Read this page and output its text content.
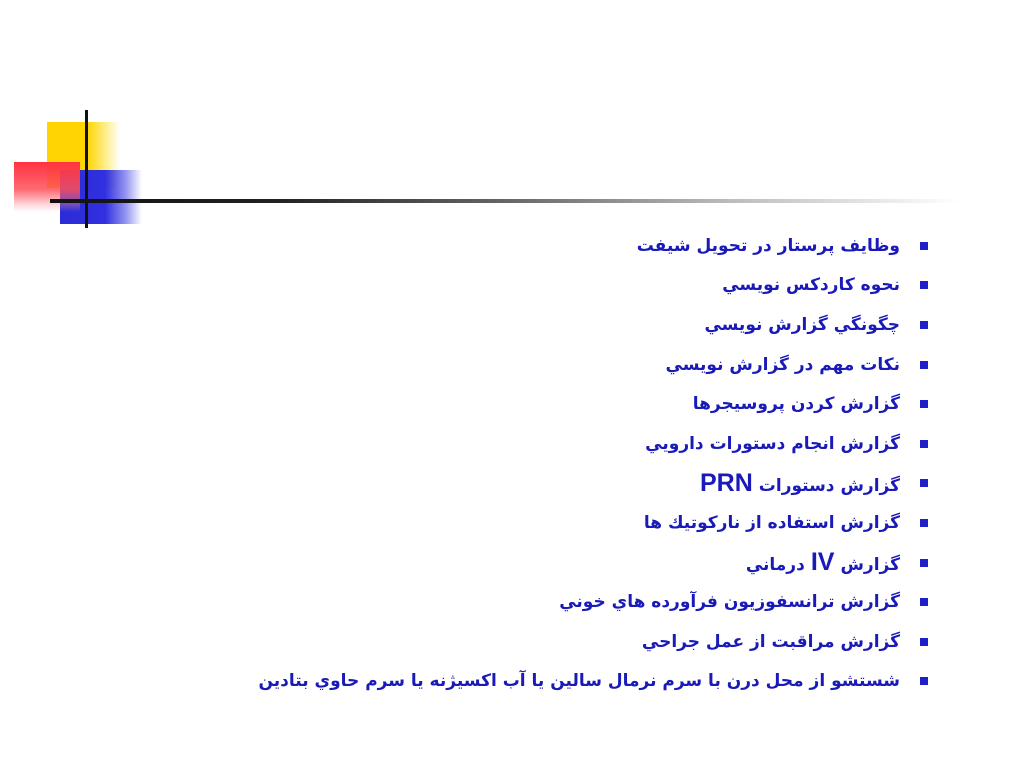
وظايف پرستار در تحويل شيفت
نحوه كاردكس نويسي
چگونگي گزارش نويسي
نكات مهم در گزارش نويسي
گزارش كردن پروسيجرها
گزارش انجام دستورات دارويي
گزارش دستوراتPRN
گزارش استفاده از ناركوتيك ها
گزارشIVدرماني
گزارش ترانسفوزيون فرآورده هاي خوني
گزارش مراقبت از عمل جراحي
شستشو از محل درن با سرم نرمال سالين يا آب اكسيژنه يا سرم حاوي بتادين
